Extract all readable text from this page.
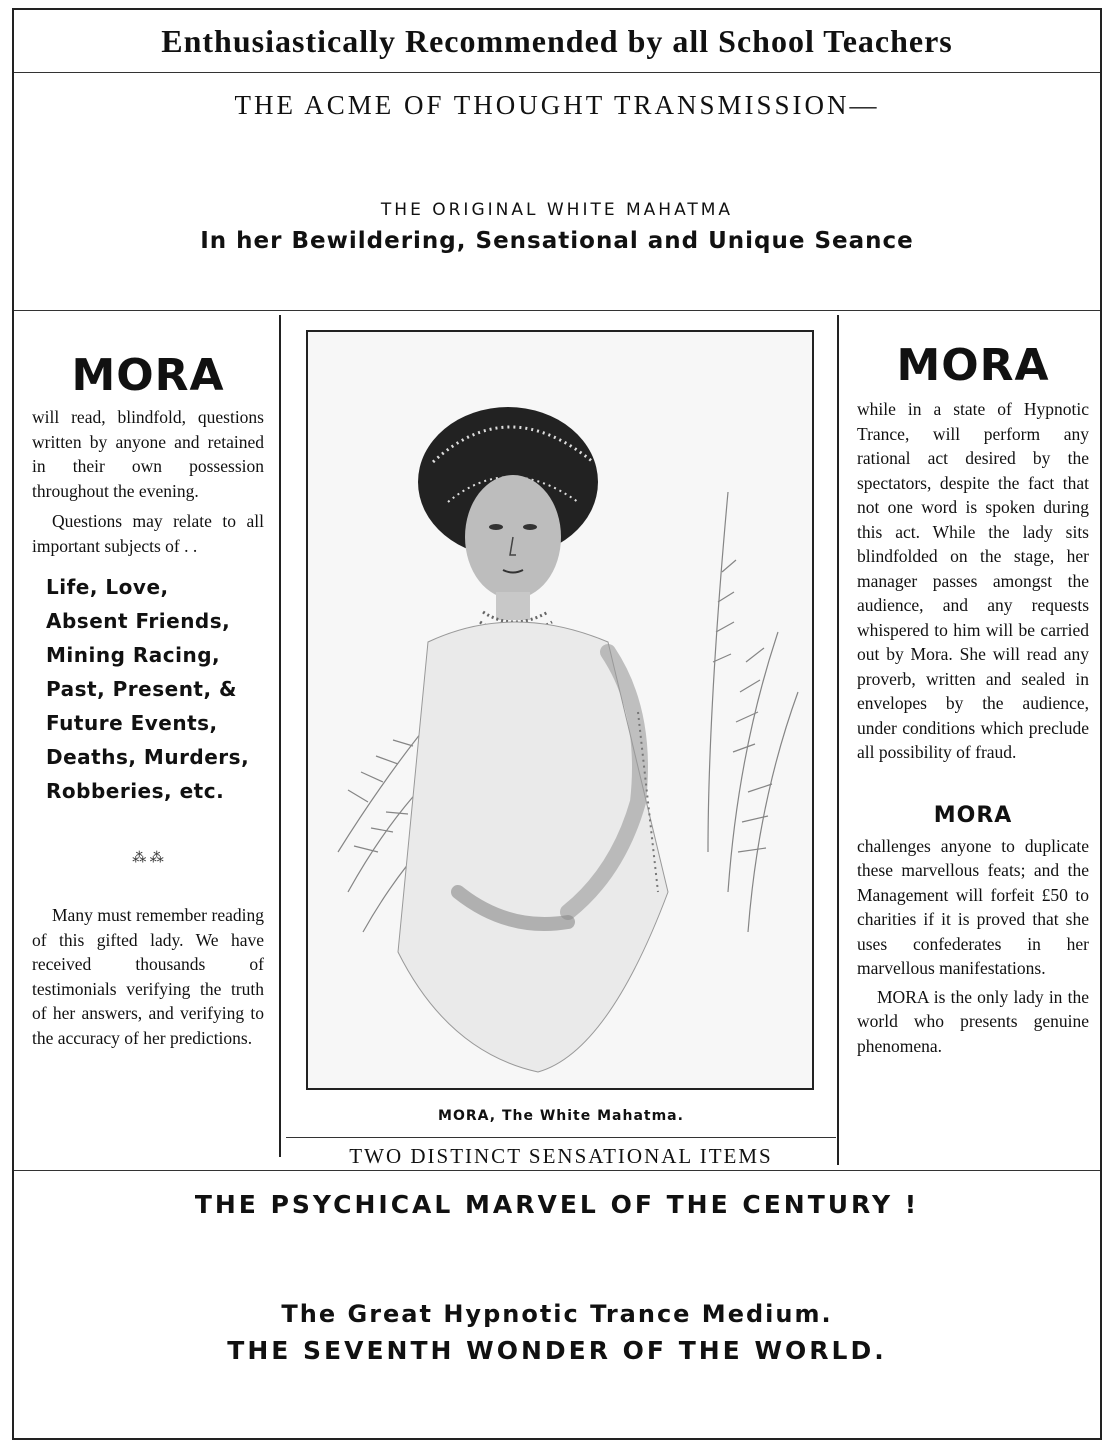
Enthusiastically Recommended by all School Teachers
THE ACME OF THOUGHT TRANSMISSION—
THE ORIGINAL WHITE MAHATMA
In her Bewildering, Sensational and Unique Seance
MORA

will read, blindfold, questions written by anyone and retained in their own possession throughout the evening.

Questions may relate to all important subjects of . .

Life, Love,
Absent Friends,
Mining Racing,
Past, Present, &
Future Events,
Deaths, Murders,
Robberies, etc.
⁂ ⁂

Many must remember reading of this gifted lady. We have received thousands of testimonials verifying the truth of her answers, and verifying to the accuracy of her predictions.

MORA, The White Mahatma.
TWO DISTINCT SENSATIONAL ITEMS
MORA

while in a state of Hypnotic Trance, will perform any rational act desired by the spectators, despite the fact that not one word is spoken during this act. While the lady sits blindfolded on the stage, her manager passes amongst the audience, and any requests whispered to him will be carried out by Mora. She will read any proverb, written and sealed in envelopes by the audience, under conditions which preclude all possibility of fraud.

MORA

challenges anyone to duplicate these marvellous feats; and the Management will forfeit £50 to charities if it is proved that she uses confederates in her marvellous manifestations.

MORA is the only lady in the world who presents genuine phenomena.

THE PSYCHICAL MARVEL OF THE CENTURY !
The Great Hypnotic Trance Medium.
THE SEVENTH WONDER OF THE WORLD.
